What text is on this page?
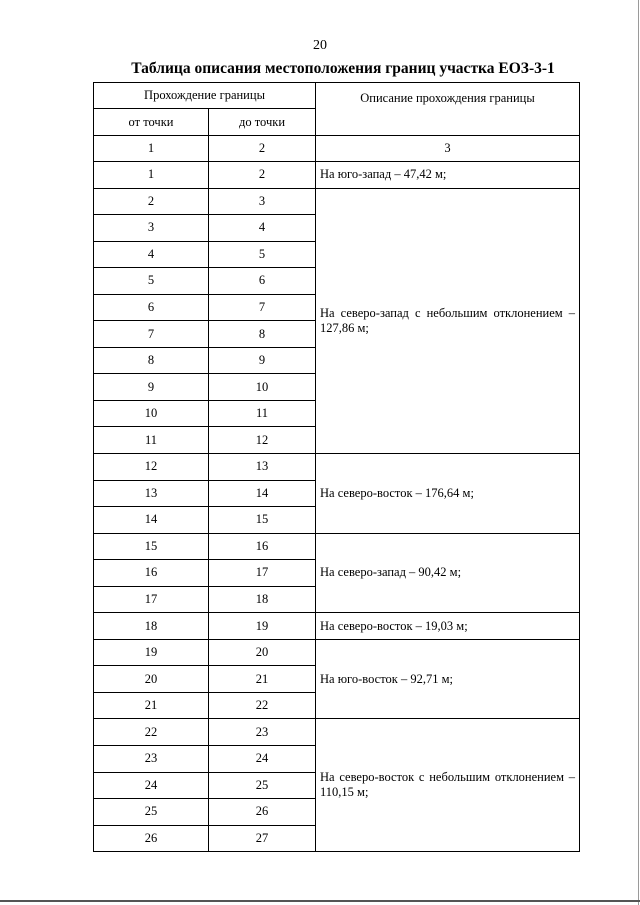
20
Таблица описания местоположения границ участка ЕОЗ-3-1
Прохождение границы		Описание прохождения границы
от точки	до точки	
1	2	3
1	2	На юго-запад – 47,42 м;
2	3	На северо-запад с небольшим отклонением – 127,86 м;
3	4	
4	5	
5	6	
6	7	
7	8	
8	9	
9	10	
10	11	
11	12	
12	13	На северо-восток – 176,64 м;
13	14	
14	15	
15	16	На северо-запад – 90,42 м;
16	17	
17	18	
18	19	На северо-восток – 19,03 м;
19	20	На юго-восток – 92,71 м;
20	21	
21	22	
22	23	На северо-восток с небольшим отклонением – 110,15 м;
23	24	
24	25	
25	26	
26	27	
